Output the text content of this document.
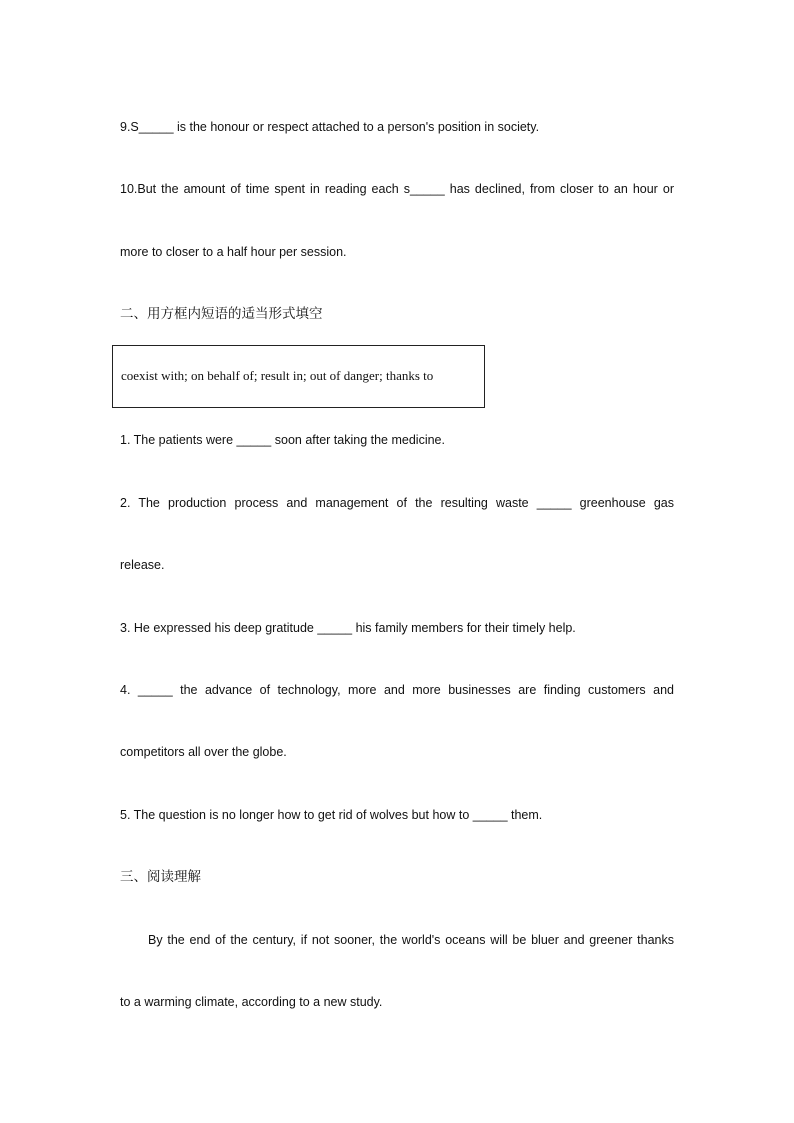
9.S_____ is the honour or respect attached to a person's position in society.
10.But the amount of time spent in reading each s_____ has declined, from closer to an hour or
more to closer to a half hour per session.
二、用方框内短语的适当形式填空
coexist with; on behalf of; result in; out of danger; thanks to
1. The patients were _____ soon after taking the medicine.
2. The production process and management of the resulting waste _____ greenhouse gas
release.
3. He expressed his deep gratitude _____ his family members for their timely help.
4. _____ the advance of technology, more and more businesses are finding customers and
competitors all over the globe.
5. The question is no longer how to get rid of wolves but how to _____ them.
三、阅读理解
By the end of the century, if not sooner, the world's oceans will be bluer and greener thanks
to a warming climate, according to a new study.
